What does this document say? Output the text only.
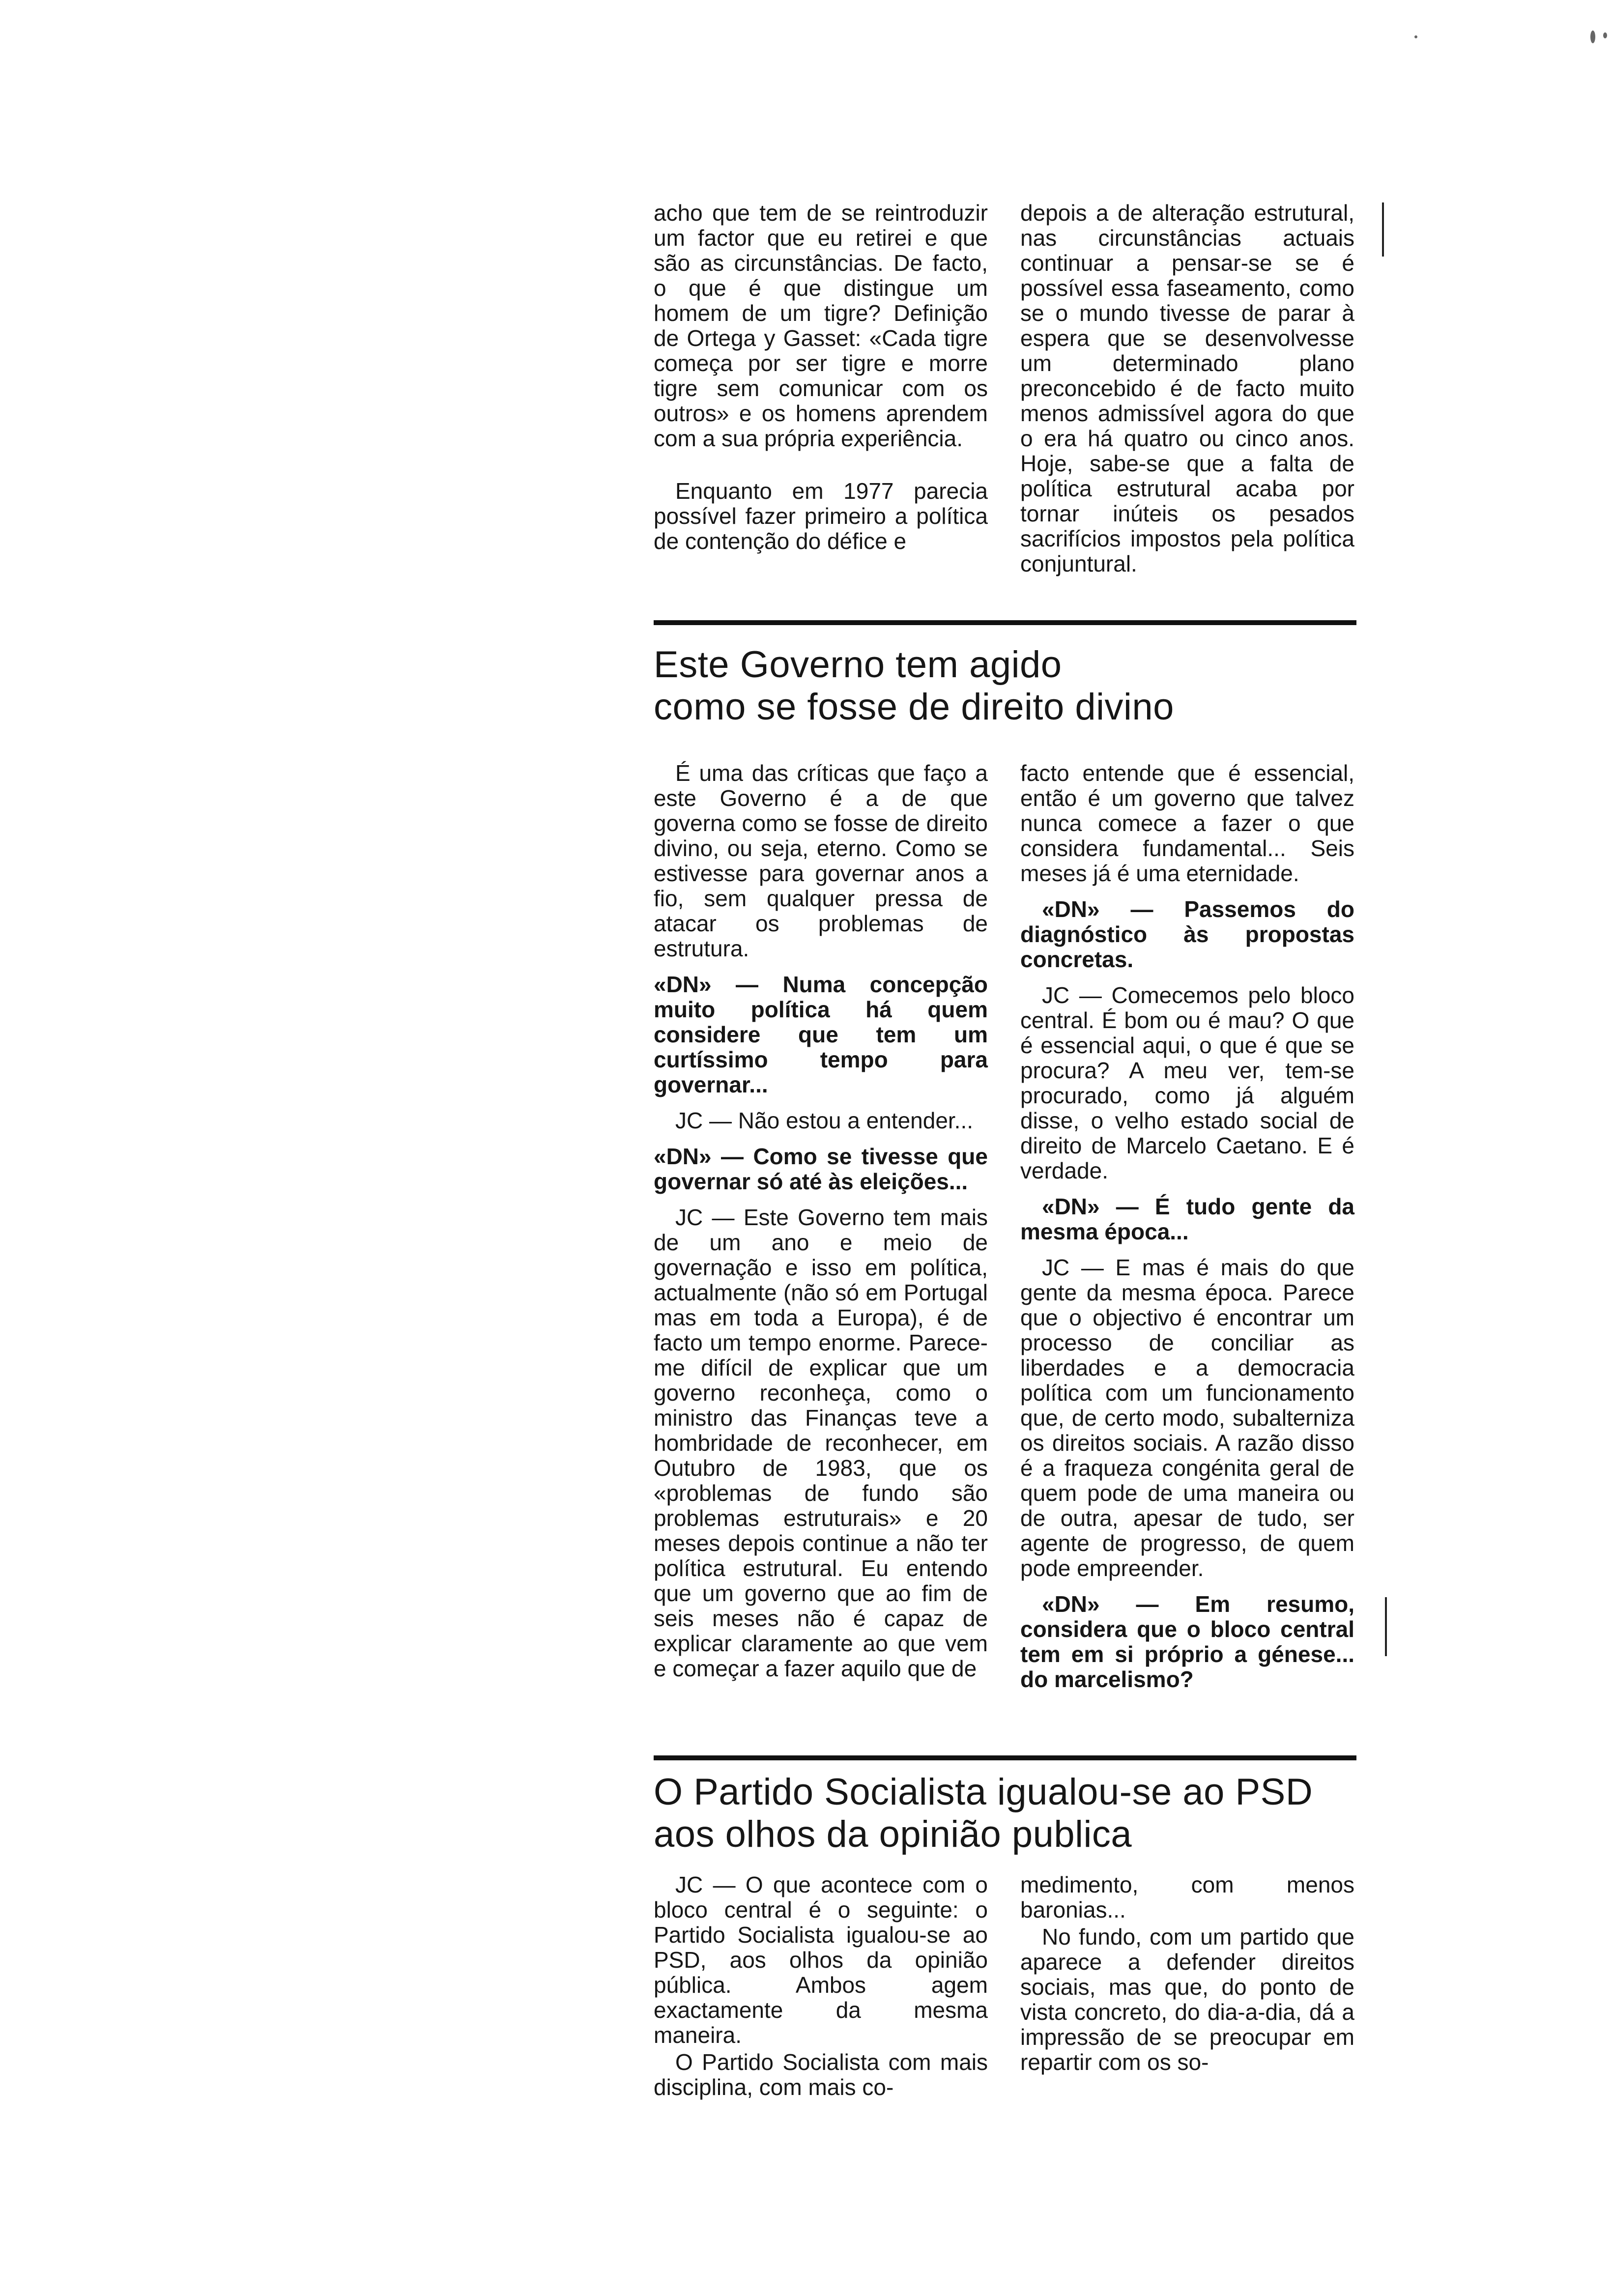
acho que tem de se reintroduzir um factor que eu retirei e que são as circunstâncias. De facto, o que é que distingue um homem de um tigre? Definição de Ortega y Gasset: «Cada tigre começa por ser tigre e morre tigre sem comunicar com os outros» e os homens aprendem com a sua própria experiência.

Enquanto em 1977 parecia possível fazer primeiro a política de contenção do défice e

depois a de alteração estrutural, nas circunstâncias actuais continuar a pensar-se se é possível essa faseamento, como se o mundo tivesse de parar à espera que se desenvolvesse um determinado plano preconcebido é de facto muito menos admissível agora do que o era há quatro ou cinco anos. Hoje, sabe-se que a falta de política estrutural acaba por tornar inúteis os pesados sacrifícios impostos pela política conjuntural.

Este Governo tem agido
como se fosse de direito divino

É uma das críticas que faço a este Governo é a de que governa como se fosse de direito divino, ou seja, eterno. Como se estivesse para governar anos a fio, sem qualquer pressa de atacar os problemas de estrutura.

«DN» — Numa concepção muito política há quem considere que tem um curtíssimo tempo para governar...

JC — Não estou a entender...

«DN» — Como se tivesse que governar só até às eleições...

JC — Este Governo tem mais de um ano e meio de governação e isso em política, actualmente (não só em Portugal mas em toda a Europa), é de facto um tempo enorme. Parece-me difícil de explicar que um governo reconheça, como o ministro das Finanças teve a hombridade de reconhecer, em Outubro de 1983, que os «problemas de fundo são problemas estruturais» e 20 meses depois continue a não ter política estrutural. Eu entendo que um governo que ao fim de seis meses não é capaz de explicar claramente ao que vem e começar a fazer aquilo que de

facto entende que é essencial, então é um governo que talvez nunca comece a fazer o que considera fundamental... Seis meses já é uma eternidade.

«DN» — Passemos do diagnóstico às propostas concretas.

JC — Comecemos pelo bloco central. É bom ou é mau? O que é essencial aqui, o que é que se procura? A meu ver, tem-se procurado, como já alguém disse, o velho estado social de direito de Marcelo Caetano. E é verdade.

«DN» — É tudo gente da mesma época...

JC — E mas é mais do que gente da mesma época. Parece que o objectivo é encontrar um processo de conciliar as liberdades e a democracia política com um funcionamento que, de certo modo, subalterniza os direitos sociais. A razão disso é a fraqueza congénita geral de quem pode de uma maneira ou de outra, apesar de tudo, ser agente de progresso, de quem pode empreender.

«DN» — Em resumo, considera que o bloco central tem em si próprio a génese... do marcelismo?

O Partido Socialista igualou-se ao PSD
aos olhos da opinião publica

JC — O que acontece com o bloco central é o seguinte: o Partido Socialista igualou-se ao PSD, aos olhos da opinião pública. Ambos agem exactamente da mesma maneira.

O Partido Socialista com mais disciplina, com mais co-

medimento, com menos baronias...

No fundo, com um partido que aparece a defender direitos sociais, mas que, do ponto de vista concreto, do dia-a-dia, dá a impressão de se preocupar em repartir com os so-
